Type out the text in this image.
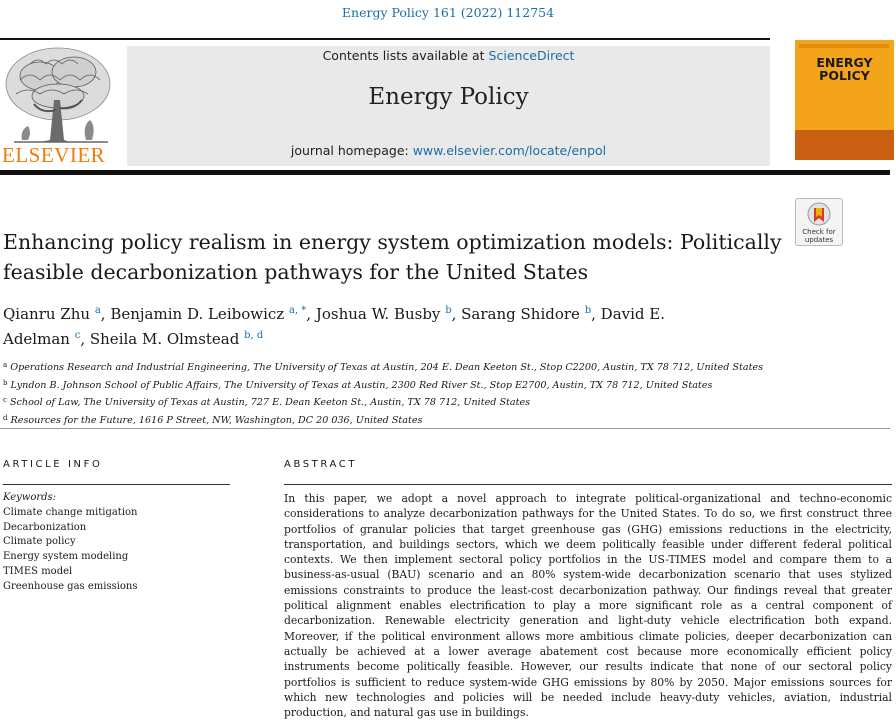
Energy Policy 161 (2022) 112754
ELSEVIER
Contents lists available at ScienceDirect
Energy Policy
journal homepage: www.elsevier.com/locate/enpol
ENERGY
POLICY
Check for
updates
Enhancing policy realism in energy system optimization models: Politically feasible decarbonization pathways for the United States
Qianru Zhu $^a$, Benjamin D. Leibowicz $^{a, *}$, Joshua W. Busby $^b$, Sarang Shidore $^b$, David E. Adelman $^c$, Sheila M. Olmstead $^{b, d}$
$^a$ Operations Research and Industrial Engineering, The University of Texas at Austin, 204 E. Dean Keeton St., Stop C2200, Austin, TX 78 712, United States
$^b$ Lyndon B. Johnson School of Public Affairs, The University of Texas at Austin, 2300 Red River St., Stop E2700, Austin, TX 78 712, United States
$^c$ School of Law, The University of Texas at Austin, 727 E. Dean Keeton St., Austin, TX 78 712, United States
$^d$ Resources for the Future, 1616 P Street, NW, Washington, DC 20 036, United States
ARTICLE INFO	ABSTRACT
Keywords:
Climate change mitigation
Decarbonization
Climate policy
Energy system modeling
TIMES model
Greenhouse gas emissions
In this paper, we adopt a novel approach to integrate political-organizational and techno-economic considerations to analyze decarbonization pathways for the United States. To do so, we first construct three portfolios of granular policies that target greenhouse gas (GHG) emissions reductions in the electricity, transportation, and buildings sectors, which we deem politically feasible under different federal political contexts. We then implement sectoral policy portfolios in the US-TIMES model and compare them to a business-as-usual (BAU) scenario and an 80% system-wide decarbonization scenario that uses stylized emissions constraints to produce the least-cost decarbonization pathway. Our findings reveal that greater political alignment enables electrification to play a more significant role as a central component of decarbonization. Renewable electricity generation and light-duty vehicle electrification both expand. Moreover, if the political environment allows more ambitious climate policies, deeper decarbonization can actually be achieved at a lower average abatement cost because more economically efficient policy instruments become politically feasible. However, our results indicate that none of our sectoral policy portfolios is sufficient to reduce system-wide GHG emissions by 80% by 2050. Major emissions sources for which new technologies and policies will be needed include heavy-duty vehicles, aviation, industrial production, and natural gas use in buildings.
